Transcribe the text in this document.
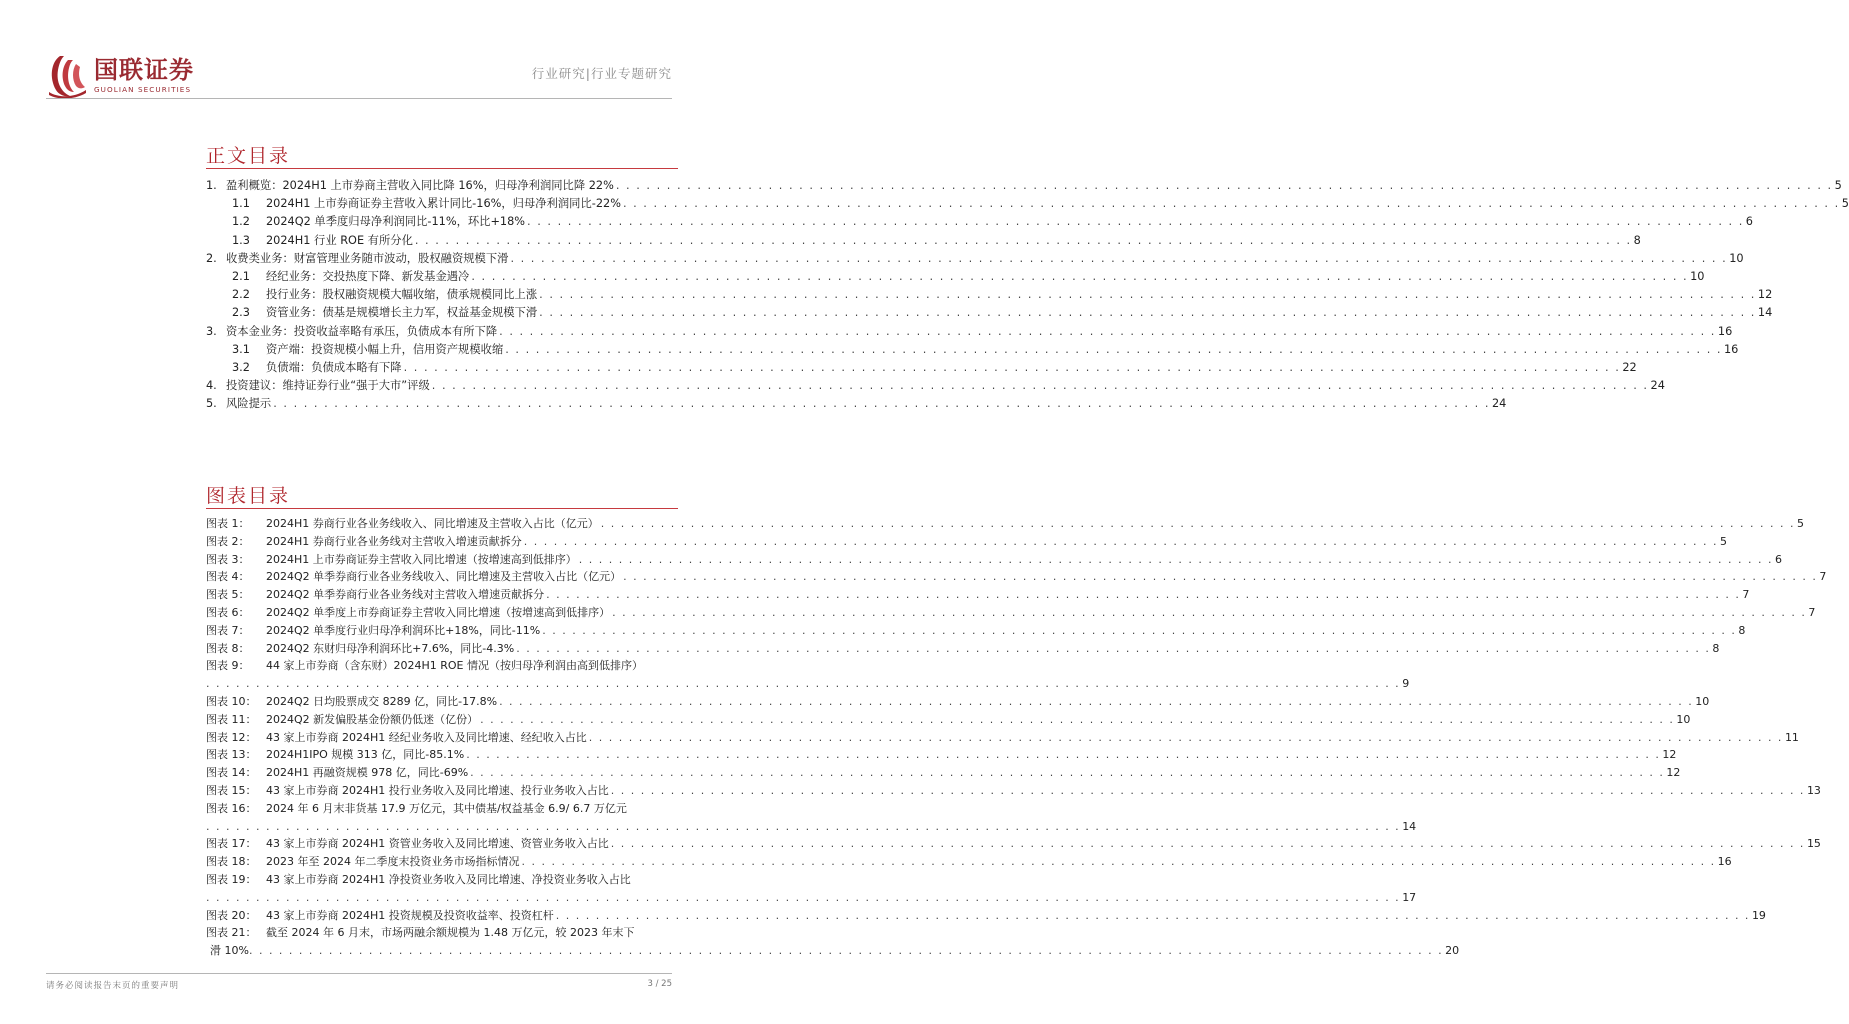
国联证券
GUOLIAN SECURITIES
行业研究|行业专题研究
正文目录
1. 盈利概览：2024H1 上市券商主营收入同比降 16%，归母净利润同比降 22% . . . . . . . . . . . . . . . . . . . . . . . . . . . . . . . . . . . . . . . . . . . . . . . . . . . . . . . . . . . . . . . . . . . . . . . . . . . . . . . . . . . . . . . . . . . . . . . . . . . . . . . . . . . . . . . . . . . . . . . . 5
1.1	2024H1 上市券商证券主营收入累计同比-16%，归母净利润同比-22% . . . . . . . . . . . . . . . . . . . . . . . . . . . . . . . . . . . . . . . . . . . . . . . . . . . . . . . . . . . . . . . . . . . . . . . . . . . . . . . . . . . . . . . . . . . . . . . . . . . . . . . . . . . . . . . . . . . . . . . . 5
1.2	2024Q2 单季度归母净利润同比-11%，环比+18% . . . . . . . . . . . . . . . . . . . . . . . . . . . . . . . . . . . . . . . . . . . . . . . . . . . . . . . . . . . . . . . . . . . . . . . . . . . . . . . . . . . . . . . . . . . . . . . . . . . . . . . . . . . . . . . . . . . . . . . . 6
1.3	2024H1 行业 ROE 有所分化 . . . . . . . . . . . . . . . . . . . . . . . . . . . . . . . . . . . . . . . . . . . . . . . . . . . . . . . . . . . . . . . . . . . . . . . . . . . . . . . . . . . . . . . . . . . . . . . . . . . . . . . . . . . . . . . . . . . . . . . . 8
2. 收费类业务：财富管理业务随市波动，股权融资规模下滑 . . . . . . . . . . . . . . . . . . . . . . . . . . . . . . . . . . . . . . . . . . . . . . . . . . . . . . . . . . . . . . . . . . . . . . . . . . . . . . . . . . . . . . . . . . . . . . . . . . . . . . . . . . . . . . . . . . . . . . . . 10
2.1	经纪业务：交投热度下降、新发基金遇冷 . . . . . . . . . . . . . . . . . . . . . . . . . . . . . . . . . . . . . . . . . . . . . . . . . . . . . . . . . . . . . . . . . . . . . . . . . . . . . . . . . . . . . . . . . . . . . . . . . . . . . . . . . . . . . . . . . . . . . . . . 10
2.2	投行业务：股权融资规模大幅收缩，债承规模同比上涨 . . . . . . . . . . . . . . . . . . . . . . . . . . . . . . . . . . . . . . . . . . . . . . . . . . . . . . . . . . . . . . . . . . . . . . . . . . . . . . . . . . . . . . . . . . . . . . . . . . . . . . . . . . . . . . . . . . . . . . . . 12
2.3	资管业务：债基是规模增长主力军，权益基金规模下滑 . . . . . . . . . . . . . . . . . . . . . . . . . . . . . . . . . . . . . . . . . . . . . . . . . . . . . . . . . . . . . . . . . . . . . . . . . . . . . . . . . . . . . . . . . . . . . . . . . . . . . . . . . . . . . . . . . . . . . . . . 14
3. 资本金业务：投资收益率略有承压，负债成本有所下降 . . . . . . . . . . . . . . . . . . . . . . . . . . . . . . . . . . . . . . . . . . . . . . . . . . . . . . . . . . . . . . . . . . . . . . . . . . . . . . . . . . . . . . . . . . . . . . . . . . . . . . . . . . . . . . . . . . . . . . . . 16
3.1	资产端：投资规模小幅上升，信用资产规模收缩 . . . . . . . . . . . . . . . . . . . . . . . . . . . . . . . . . . . . . . . . . . . . . . . . . . . . . . . . . . . . . . . . . . . . . . . . . . . . . . . . . . . . . . . . . . . . . . . . . . . . . . . . . . . . . . . . . . . . . . . . 16
3.2	负债端：负债成本略有下降 . . . . . . . . . . . . . . . . . . . . . . . . . . . . . . . . . . . . . . . . . . . . . . . . . . . . . . . . . . . . . . . . . . . . . . . . . . . . . . . . . . . . . . . . . . . . . . . . . . . . . . . . . . . . . . . . . . . . . . . . 22
4. 投资建议：维持证券行业“强于大市”评级 . . . . . . . . . . . . . . . . . . . . . . . . . . . . . . . . . . . . . . . . . . . . . . . . . . . . . . . . . . . . . . . . . . . . . . . . . . . . . . . . . . . . . . . . . . . . . . . . . . . . . . . . . . . . . . . . . . . . . . . . 24
5. 风险提示 . . . . . . . . . . . . . . . . . . . . . . . . . . . . . . . . . . . . . . . . . . . . . . . . . . . . . . . . . . . . . . . . . . . . . . . . . . . . . . . . . . . . . . . . . . . . . . . . . . . . . . . . . . . . . . . . . . . . . . . . 24
图表目录
图表 1：	2024H1 券商行业各业务线收入、同比增速及主营收入占比（亿元） . . . . . . . . . . . . . . . . . . . . . . . . . . . . . . . . . . . . . . . . . . . . . . . . . . . . . . . . . . . . . . . . . . . . . . . . . . . . . . . . . . . . . . . . . . . . . . . . . . . . . . . . . . . . . . . . . . . . . . . . 5
图表 2：	2024H1 券商行业各业务线对主营收入增速贡献拆分 . . . . . . . . . . . . . . . . . . . . . . . . . . . . . . . . . . . . . . . . . . . . . . . . . . . . . . . . . . . . . . . . . . . . . . . . . . . . . . . . . . . . . . . . . . . . . . . . . . . . . . . . . . . . . . . . . . . . . . . . 5
图表 3：	2024H1 上市券商证券主营收入同比增速（按增速高到低排序） . . . . . . . . . . . . . . . . . . . . . . . . . . . . . . . . . . . . . . . . . . . . . . . . . . . . . . . . . . . . . . . . . . . . . . . . . . . . . . . . . . . . . . . . . . . . . . . . . . . . . . . . . . . . . . . . . . . . . . . . 6
图表 4：	2024Q2 单季券商行业各业务线收入、同比增速及主营收入占比（亿元） . . . . . . . . . . . . . . . . . . . . . . . . . . . . . . . . . . . . . . . . . . . . . . . . . . . . . . . . . . . . . . . . . . . . . . . . . . . . . . . . . . . . . . . . . . . . . . . . . . . . . . . . . . . . . . . . . . . . . . . . 7
图表 5：	2024Q2 单季券商行业各业务线对主营收入增速贡献拆分 . . . . . . . . . . . . . . . . . . . . . . . . . . . . . . . . . . . . . . . . . . . . . . . . . . . . . . . . . . . . . . . . . . . . . . . . . . . . . . . . . . . . . . . . . . . . . . . . . . . . . . . . . . . . . . . . . . . . . . . . 7
图表 6：	2024Q2 单季度上市券商证券主营收入同比增速（按增速高到低排序） . . . . . . . . . . . . . . . . . . . . . . . . . . . . . . . . . . . . . . . . . . . . . . . . . . . . . . . . . . . . . . . . . . . . . . . . . . . . . . . . . . . . . . . . . . . . . . . . . . . . . . . . . . . . . . . . . . . . . . . . 7
图表 7：	2024Q2 单季度行业归母净利润环比+18%，同比-11% . . . . . . . . . . . . . . . . . . . . . . . . . . . . . . . . . . . . . . . . . . . . . . . . . . . . . . . . . . . . . . . . . . . . . . . . . . . . . . . . . . . . . . . . . . . . . . . . . . . . . . . . . . . . . . . . . . . . . . . . 8
图表 8：	2024Q2 东财归母净利润环比+7.6%，同比-4.3% . . . . . . . . . . . . . . . . . . . . . . . . . . . . . . . . . . . . . . . . . . . . . . . . . . . . . . . . . . . . . . . . . . . . . . . . . . . . . . . . . . . . . . . . . . . . . . . . . . . . . . . . . . . . . . . . . . . . . . . . 8
图表 9：	44 家上市券商（含东财）2024H1 ROE 情况（按归母净利润由高到低排序）
. . . . . . . . . . . . . . . . . . . . . . . . . . . . . . . . . . . . . . . . . . . . . . . . . . . . . . . . . . . . . . . . . . . . . . . . . . . . . . . . . . . . . . . . . . . . . . . . . . . . . . . . . . . . . . . . . . . . . . . . 9
图表 10： 2024Q2 日均股票成交 8289 亿，同比-17.8% . . . . . . . . . . . . . . . . . . . . . . . . . . . . . . . . . . . . . . . . . . . . . . . . . . . . . . . . . . . . . . . . . . . . . . . . . . . . . . . . . . . . . . . . . . . . . . . . . . . . . . . . . . . . . . . . . . . . . . . . 10
图表 11： 2024Q2 新发偏股基金份额仍低迷（亿份） . . . . . . . . . . . . . . . . . . . . . . . . . . . . . . . . . . . . . . . . . . . . . . . . . . . . . . . . . . . . . . . . . . . . . . . . . . . . . . . . . . . . . . . . . . . . . . . . . . . . . . . . . . . . . . . . . . . . . . . . 10
图表 12： 43 家上市券商 2024H1 经纪业务收入及同比增速、经纪收入占比 . . . . . . . . . . . . . . . . . . . . . . . . . . . . . . . . . . . . . . . . . . . . . . . . . . . . . . . . . . . . . . . . . . . . . . . . . . . . . . . . . . . . . . . . . . . . . . . . . . . . . . . . . . . . . . . . . . . . . . . . 11
图表 13： 2024H1IPO 规模 313 亿，同比-85.1% . . . . . . . . . . . . . . . . . . . . . . . . . . . . . . . . . . . . . . . . . . . . . . . . . . . . . . . . . . . . . . . . . . . . . . . . . . . . . . . . . . . . . . . . . . . . . . . . . . . . . . . . . . . . . . . . . . . . . . . . 12
图表 14： 2024H1 再融资规模 978 亿，同比-69% . . . . . . . . . . . . . . . . . . . . . . . . . . . . . . . . . . . . . . . . . . . . . . . . . . . . . . . . . . . . . . . . . . . . . . . . . . . . . . . . . . . . . . . . . . . . . . . . . . . . . . . . . . . . . . . . . . . . . . . . 12
图表 15： 43 家上市券商 2024H1 投行业务收入及同比增速、投行业务收入占比 . . . . . . . . . . . . . . . . . . . . . . . . . . . . . . . . . . . . . . . . . . . . . . . . . . . . . . . . . . . . . . . . . . . . . . . . . . . . . . . . . . . . . . . . . . . . . . . . . . . . . . . . . . . . . . . . . . . . . . . . 13
图表 16： 2024 年 6 月末非货基 17.9 万亿元，其中债基/权益基金 6.9/ 6.7 万亿元
. . . . . . . . . . . . . . . . . . . . . . . . . . . . . . . . . . . . . . . . . . . . . . . . . . . . . . . . . . . . . . . . . . . . . . . . . . . . . . . . . . . . . . . . . . . . . . . . . . . . . . . . . . . . . . . . . . . . . . . . 14
图表 17： 43 家上市券商 2024H1 资管业务收入及同比增速、资管业务收入占比 . . . . . . . . . . . . . . . . . . . . . . . . . . . . . . . . . . . . . . . . . . . . . . . . . . . . . . . . . . . . . . . . . . . . . . . . . . . . . . . . . . . . . . . . . . . . . . . . . . . . . . . . . . . . . . . . . . . . . . . . 15
图表 18： 2023 年至 2024 年二季度末投资业务市场指标情况 . . . . . . . . . . . . . . . . . . . . . . . . . . . . . . . . . . . . . . . . . . . . . . . . . . . . . . . . . . . . . . . . . . . . . . . . . . . . . . . . . . . . . . . . . . . . . . . . . . . . . . . . . . . . . . . . . . . . . . . . 16
图表 19： 43 家上市券商 2024H1 净投资业务收入及同比增速、净投资业务收入占比
. . . . . . . . . . . . . . . . . . . . . . . . . . . . . . . . . . . . . . . . . . . . . . . . . . . . . . . . . . . . . . . . . . . . . . . . . . . . . . . . . . . . . . . . . . . . . . . . . . . . . . . . . . . . . . . . . . . . . . . . 17
图表 20： 43 家上市券商 2024H1 投资规模及投资收益率、投资杠杆 . . . . . . . . . . . . . . . . . . . . . . . . . . . . . . . . . . . . . . . . . . . . . . . . . . . . . . . . . . . . . . . . . . . . . . . . . . . . . . . . . . . . . . . . . . . . . . . . . . . . . . . . . . . . . . . . . . . . . . . . 19
图表 21： 截至 2024 年 6 月末，市场两融余额规模为 1.48 万亿元，较 2023 年末下
滑 10% . . . . . . . . . . . . . . . . . . . . . . . . . . . . . . . . . . . . . . . . . . . . . . . . . . . . . . . . . . . . . . . . . . . . . . . . . . . . . . . . . . . . . . . . . . . . . . . . . . . . . . . . . . . . . . . . . . . . . . . . 20
请务必阅读报告末页的重要声明	3 / 25
